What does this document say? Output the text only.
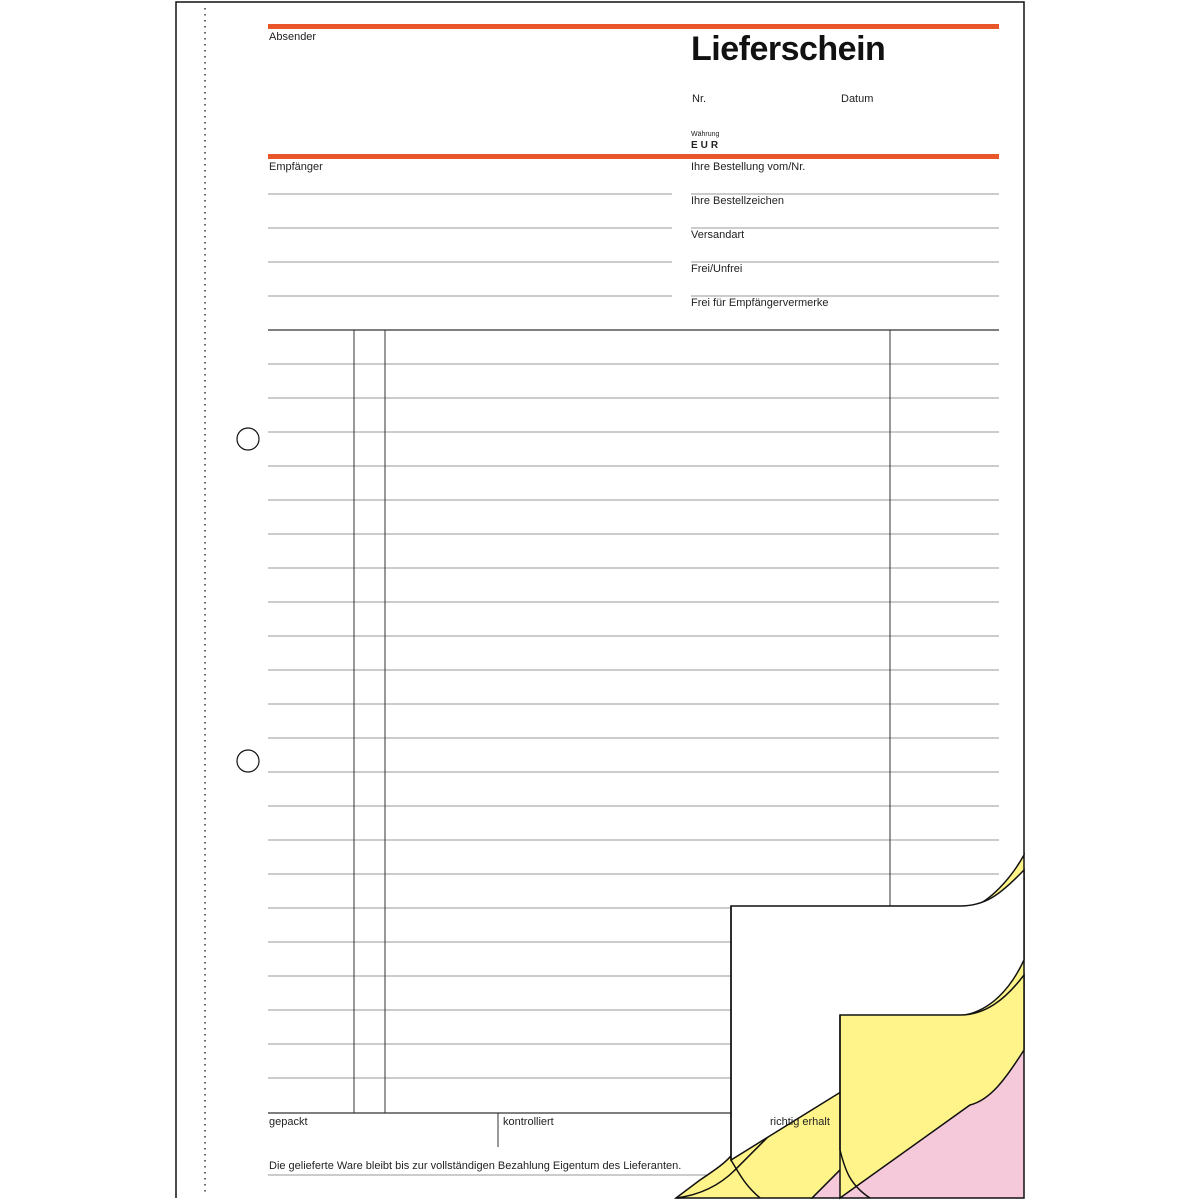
Absender	Lieferschein
Nr.	Datum
Währung
EUR
Empfänger	Ihre Bestellung vom/Nr.
Ihre Bestellzeichen
Versandart
Frei/Unfrei
Frei für Empfängervermerke
gepackt	kontrolliert	richtig erhalt
Die gelieferte Ware bleibt bis zur vollständigen Bezahlung Eigentum des Lieferanten.
